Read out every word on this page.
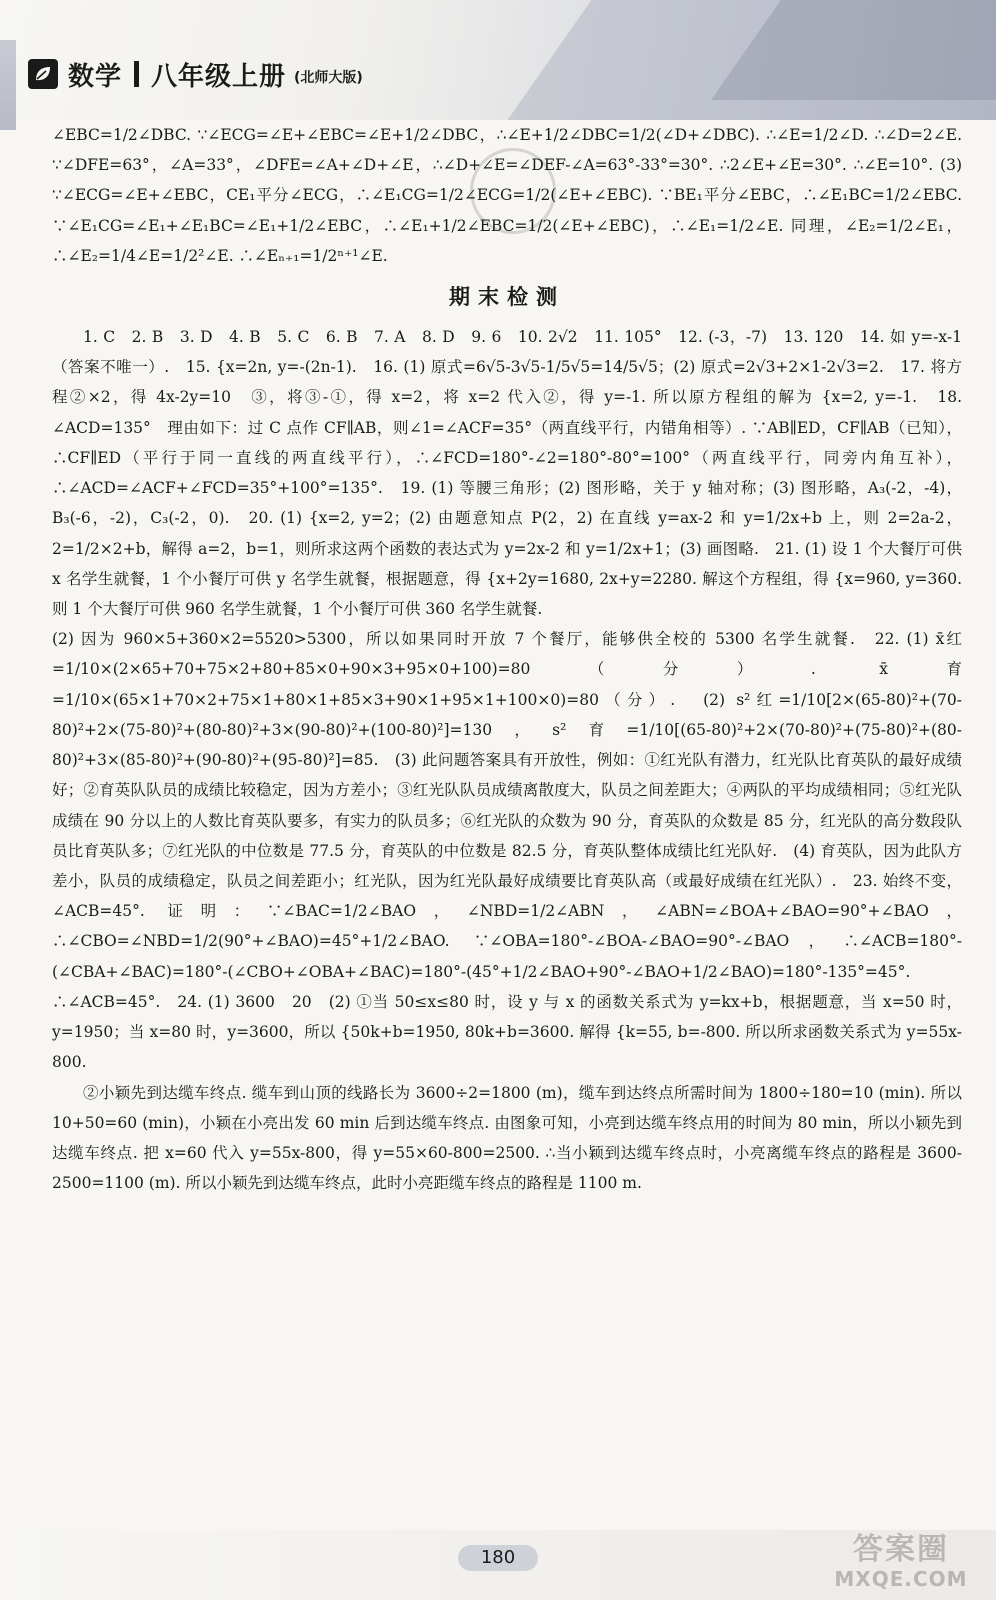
数学 八年级上册 (北师大版)

∠EBC=1/2∠DBC. ∵∠ECG=∠E+∠EBC=∠E+1/2∠DBC，∴∠E+1/2∠DBC=1/2(∠D+∠DBC). ∴∠E=1/2∠D. ∴∠D=2∠E. ∵∠DFE=63°，∠A=33°，∠DFE=∠A+∠D+∠E，∴∠D+∠E=∠DEF-∠A=63°-33°=30°. ∴2∠E+∠E=30°. ∴∠E=10°. (3) ∵∠ECG=∠E+∠EBC，CE₁平分∠ECG，∴∠E₁CG=1/2∠ECG=1/2(∠E+∠EBC). ∵BE₁平分∠EBC，∴∠E₁BC=1/2∠EBC. ∵∠E₁CG=∠E₁+∠E₁BC=∠E₁+1/2∠EBC，∴∠E₁+1/2∠EBC=1/2(∠E+∠EBC)，∴∠E₁=1/2∠E. 同理，∠E₂=1/2∠E₁，∴∠E₂=1/4∠E=1/2²∠E. ∴∠Eₙ₊₁=1/2ⁿ⁺¹∠E.

期末检测

1. C　2. B　3. D　4. B　5. C　6. B　7. A　8. D　9. 6　10. 2√2　11. 105°　12. (-3，-7)　13. 120　14. 如 y=-x-1（答案不唯一）.　15. {x=2n, y=-(2n-1).　16. (1) 原式=6√5-3√5-1/5√5=14/5√5；(2) 原式=2√3+2×1-2√3=2.　17. 将方程②×2，得 4x-2y=10　③，将③-①，得 x=2，将 x=2 代入②，得 y=-1. 所以原方程组的解为 {x=2, y=-1.　18. ∠ACD=135°　理由如下：过 C 点作 CF∥AB，则∠1=∠ACF=35°（两直线平行，内错角相等）. ∵AB∥ED，CF∥AB（已知），∴CF∥ED（平行于同一直线的两直线平行），∴∠FCD=180°-∠2=180°-80°=100°（两直线平行，同旁内角互补），∴∠ACD=∠ACF+∠FCD=35°+100°=135°.　19. (1) 等腰三角形；(2) 图形略，关于 y 轴对称；(3) 图形略，A₃(-2，-4)，B₃(-6，-2)，C₃(-2，0).　20. (1) {x=2, y=2；(2) 由题意知点 P(2，2) 在直线 y=ax-2 和 y=1/2x+b 上，则 2=2a-2，2=1/2×2+b，解得 a=2，b=1，则所求这两个函数的表达式为 y=2x-2 和 y=1/2x+1；(3) 画图略.　21. (1) 设 1 个大餐厅可供 x 名学生就餐，1 个小餐厅可供 y 名学生就餐，根据题意，得 {x+2y=1680, 2x+y=2280. 解这个方程组，得 {x=960, y=360. 则 1 个大餐厅可供 960 名学生就餐，1 个小餐厅可供 360 名学生就餐.

(2) 因为 960×5+360×2=5520>5300，所以如果同时开放 7 个餐厅，能够供全校的 5300 名学生就餐.　22. (1) x̄红=1/10×(2×65+70+75×2+80+85×0+90×3+95×0+100)=80（分）. x̄育=1/10×(65×1+70×2+75×1+80×1+85×3+90×1+95×1+100×0)=80（分）.　(2) s²红=1/10[2×(65-80)²+(70-80)²+2×(75-80)²+(80-80)²+3×(90-80)²+(100-80)²]=130，s²育=1/10[(65-80)²+2×(70-80)²+(75-80)²+(80-80)²+3×(85-80)²+(90-80)²+(95-80)²]=85.　(3) 此问题答案具有开放性，例如：①红光队有潜力，红光队比育英队的最好成绩好；②育英队队员的成绩比较稳定，因为方差小；③红光队队员成绩离散度大，队员之间差距大；④两队的平均成绩相同；⑤红光队成绩在 90 分以上的人数比育英队要多，有实力的队员多；⑥红光队的众数为 90 分，育英队的众数是 85 分，红光队的高分数段队员比育英队多；⑦红光队的中位数是 77.5 分，育英队的中位数是 82.5 分，育英队整体成绩比红光队好.　(4) 育英队，因为此队方差小，队员的成绩稳定，队员之间差距小；红光队，因为红光队最好成绩要比育英队高（或最好成绩在红光队）.　23. 始终不变，∠ACB=45°. 证明：∵∠BAC=1/2∠BAO，∠NBD=1/2∠ABN，∠ABN=∠BOA+∠BAO=90°+∠BAO，∴∠CBO=∠NBD=1/2(90°+∠BAO)=45°+1/2∠BAO. ∵∠OBA=180°-∠BOA-∠BAO=90°-∠BAO，∴∠ACB=180°-(∠CBA+∠BAC)=180°-(∠CBO+∠OBA+∠BAC)=180°-(45°+1/2∠BAO+90°-∠BAO+1/2∠BAO)=180°-135°=45°. ∴∠ACB=45°.　24. (1) 3600　20　(2) ①当 50≤x≤80 时，设 y 与 x 的函数关系式为 y=kx+b，根据题意，当 x=50 时，y=1950；当 x=80 时，y=3600，所以 {50k+b=1950, 80k+b=3600. 解得 {k=55, b=-800. 所以所求函数关系式为 y=55x-800.

②小颖先到达缆车终点. 缆车到山顶的线路长为 3600÷2=1800 (m)，缆车到达终点所需时间为 1800÷180=10 (min). 所以 10+50=60 (min)，小颖在小亮出发 60 min 后到达缆车终点. 由图象可知，小亮到达缆车终点用的时间为 80 min，所以小颖先到达缆车终点. 把 x=60 代入 y=55x-800，得 y=55×60-800=2500. ∴当小颖到达缆车终点时，小亮离缆车终点的路程是 3600-2500=1100 (m). 所以小颖先到达缆车终点，此时小亮距缆车终点的路程是 1100 m.

180	答案圈
MXQE.COM
